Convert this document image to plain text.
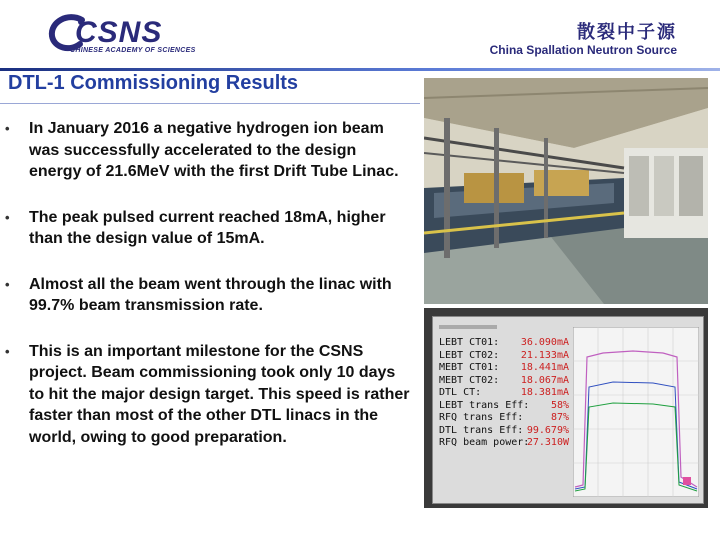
CSNS
CHINESE ACADEMY OF SCIENCES
散裂中子源
China Spallation Neutron Source
DTL-1 Commissioning Results
• In January 2016 a negative hydrogen ion beam was successfully accelerated to the design energy of 21.6MeV with the first Drift Tube Linac.
• The peak pulsed current reached 18mA, higher than the design value of 15mA.
• Almost all the beam went through the linac with 99.7% beam transmission rate.
• This is an important milestone for the CSNS project. Beam commissioning took only 10 days to hit the major design target. This speed is rather faster than most of the other DTL linacs in the world, owing to good preparation.
LEBT CT01: 36.090mA
LEBT CT02: 21.133mA
MEBT CT01: 18.441mA
MEBT CT02: 18.067mA
DTL CT:	18.381mA
LEBT trans Eff: 58%
RFQ trans Eff:	87%
DTL trans Eff: 99.679%
RFQ beam power:
27.310W
